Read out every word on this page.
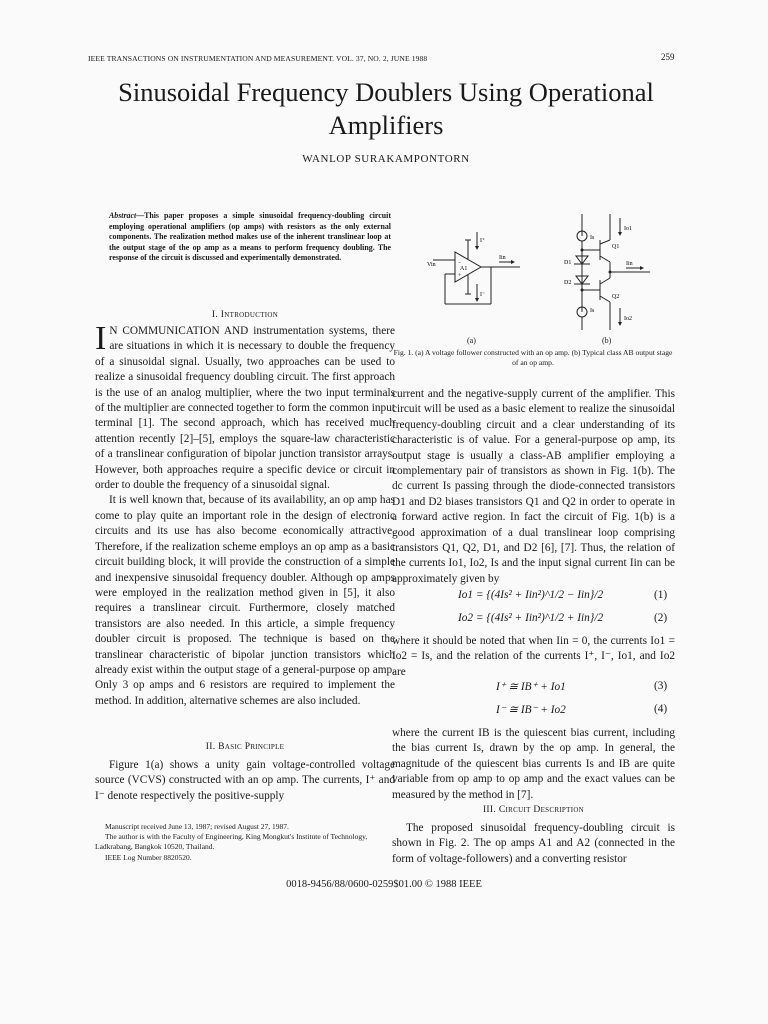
IEEE TRANSACTIONS ON INSTRUMENTATION AND MEASUREMENT. VOL. 37, NO. 2, JUNE 1988	259
Sinusoidal Frequency Doublers Using Operational
Amplifiers
WANLOP SURAKAMPONTORN
Abstract—This paper proposes a simple sinusoidal frequency-doubling circuit employing operational amplifiers (op amps) with resistors as the only external components. The realization method makes use of the inherent translinear loop at the output stage of the op amp as a means to perform frequency doubling. The response of the circuit is discussed and experimentally demonstrated.
I. Introduction

I N COMMUNICATION AND instrumentation systems, there are situations in which it is necessary to double the frequency of a sinusoidal signal. Usually, two approaches can be used to realize a sinusoidal frequency doubling circuit. The first approach is the use of an analog multiplier, where the two input terminals of the multiplier are connected together to form the common input terminal [1]. The second approach, which has received much attention recently [2]–[5], employs the square-law characteristic of a translinear configuration of bipolar junction transistor arrays. However, both approaches require a specific device or circuit in order to double the frequency of a sinusoidal signal.

It is well known that, because of its availability, an op amp has come to play quite an important role in the design of electronic circuits and its use has also become economically attractive. Therefore, if the realization scheme employs an op amp as a basic circuit building block, it will provide the construction of a simple and inexpensive sinusoidal frequency doubler. Although op amps were employed in the realization method given in [5], it also requires a translinear circuit. Furthermore, closely matched transistors are also needed. In this article, a simple frequency doubler circuit is proposed. The technique is based on the translinear characteristic of bipolar junction transistors which already exist within the output stage of a general-purpose op amp. Only 3 op amps and 6 resistors are required to implement the method. In addition, alternative schemes are also included.

II. Basic Principle

Figure 1(a) shows a unity gain voltage-controlled voltage source (VCVS) constructed with an op amp. The currents, I⁺ and I⁻ denote respectively the positive-supply

Manuscript received June 13, 1987; revised August 27, 1987.

The author is with the Faculty of Engineering, King Mongkut's Institute of Technology, Ladkrabang, Bangkok 10520, Thailand.

IEEE Log Number 8820520.

I⁺
I⁻
Vin
A1
Iin
−
+
Is
Io1
Iin
Q1
D1
D2
Q2
Is
Io2
(a)	(b)
Fig. 1. (a) A voltage follower constructed with an op amp. (b) Typical class AB output stage of an op amp.

current and the negative-supply current of the amplifier. This circuit will be used as a basic element to realize the sinusoidal frequency-doubling circuit and a clear understanding of its characteristic is of value. For a general-purpose op amp, its output stage is usually a class-AB amplifier employing a complementary pair of transistors as shown in Fig. 1(b). The dc current Is passing through the diode-connected transistors D1 and D2 biases transistors Q1 and Q2 in order to operate in a forward active region. In fact the circuit of Fig. 1(b) is a good approximation of a dual translinear loop comprising transistors Q1, Q2, D1, and D2 [6], [7]. Thus, the relation of the currents Io1, Io2, Is and the input signal current Iin can be approximately given by

Io1 = {(4Is² + Iin²)^1/2 − Iin}/2	(1)
Io2 = {(4Is² + Iin²)^1/2 + Iin}/2	(2)

where it should be noted that when Iin = 0, the currents Io1 = Io2 = Is, and the relation of the currents I⁺, I⁻, Io1, and Io2 are

I⁺ ≅ IB⁺ + Io1	(3)
I⁻ ≅ IB⁻ + Io2	(4)

where the current IB is the quiescent bias current, including the bias current Is, drawn by the op amp. In general, the magnitude of the quiescent bias currents Is and IB are quite variable from op amp to op amp and the exact values can be measured by the method in [7].

III. Circuit Description

The proposed sinusoidal frequency-doubling circuit is shown in Fig. 2. The op amps A1 and A2 (connected in the form of voltage-followers) and a converting resistor

0018-9456/88/0600-0259$01.00 © 1988 IEEE
